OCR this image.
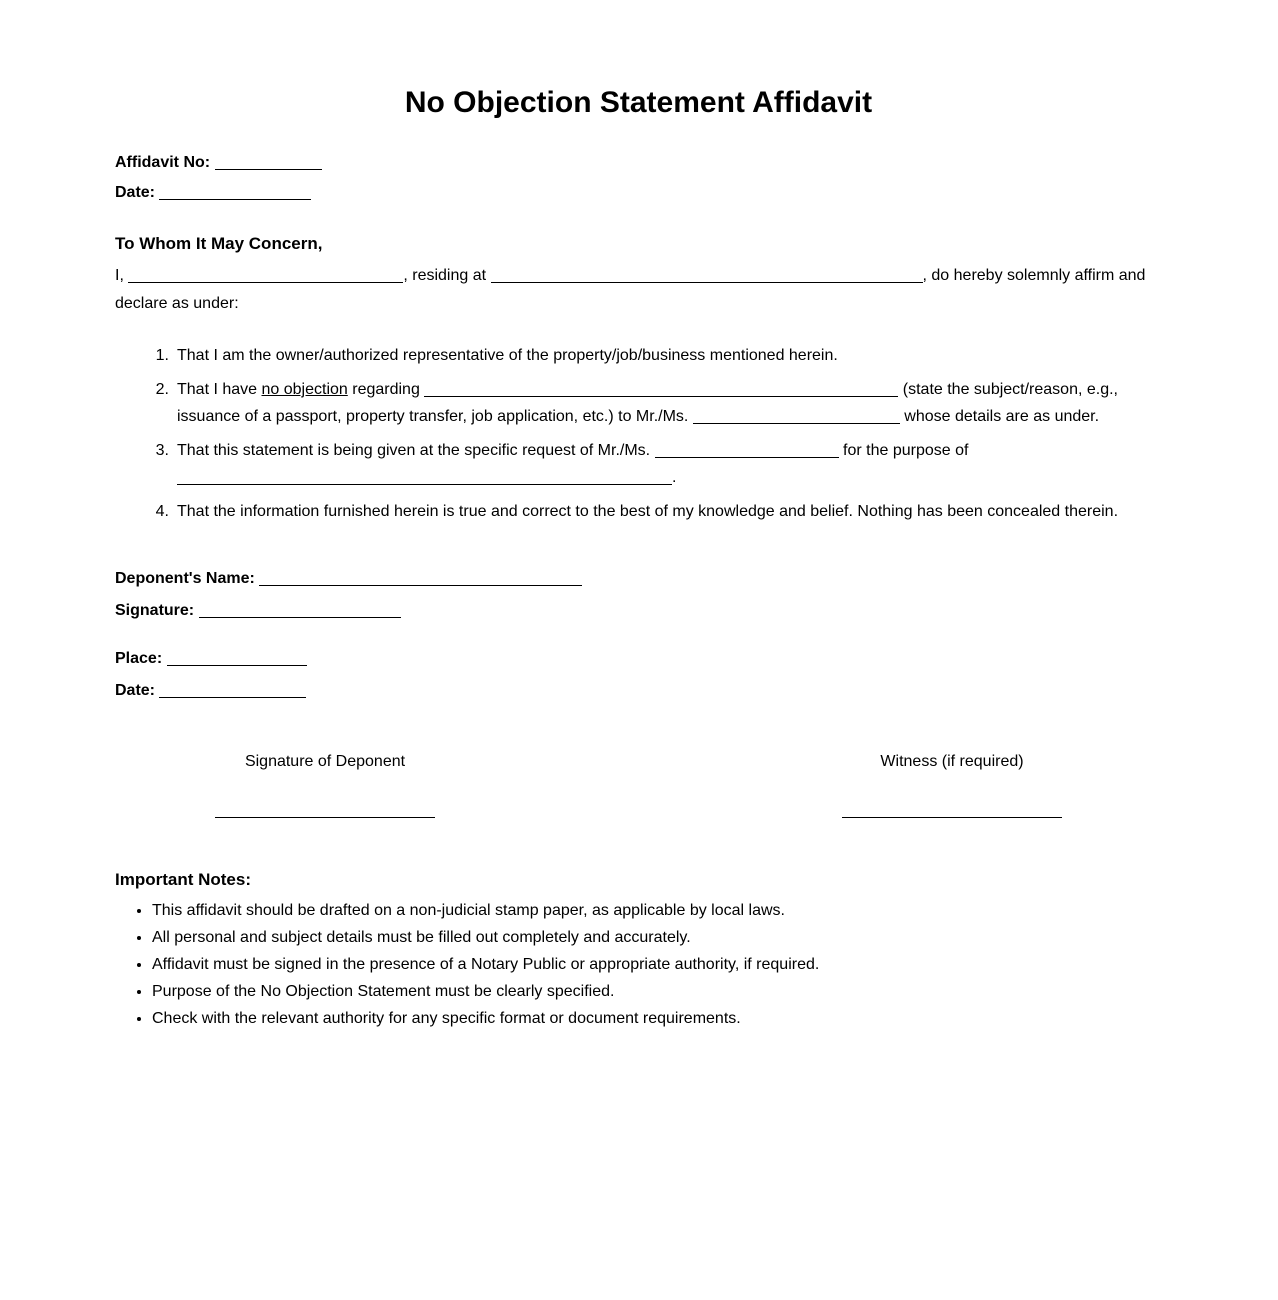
No Objection Statement Affidavit
Affidavit No:
Date:
To Whom It May Concern,

I,	, residing at	, do hereby solemnly affirm and declare as under:

1. That I am the owner/authorized representative of the property/job/business mentioned herein.
2. That I have no objection regarding	(state the subject/reason, e.g., issuance of a passport, property transfer, job application, etc.) to Mr./Ms.	whose details are as under.
3. That this statement is being given at the specific request of Mr./Ms.	for the purpose of .
4. That the information furnished herein is true and correct to the best of my knowledge and belief. Nothing has been concealed therein.
Deponent's Name:
Signature:
Place:
Date:
Signature of Deponent	Witness (if required)
Important Notes:
• This affidavit should be drafted on a non-judicial stamp paper, as applicable by local laws.
• All personal and subject details must be filled out completely and accurately.
• Affidavit must be signed in the presence of a Notary Public or appropriate authority, if required.
• Purpose of the No Objection Statement must be clearly specified.
• Check with the relevant authority for any specific format or document requirements.
